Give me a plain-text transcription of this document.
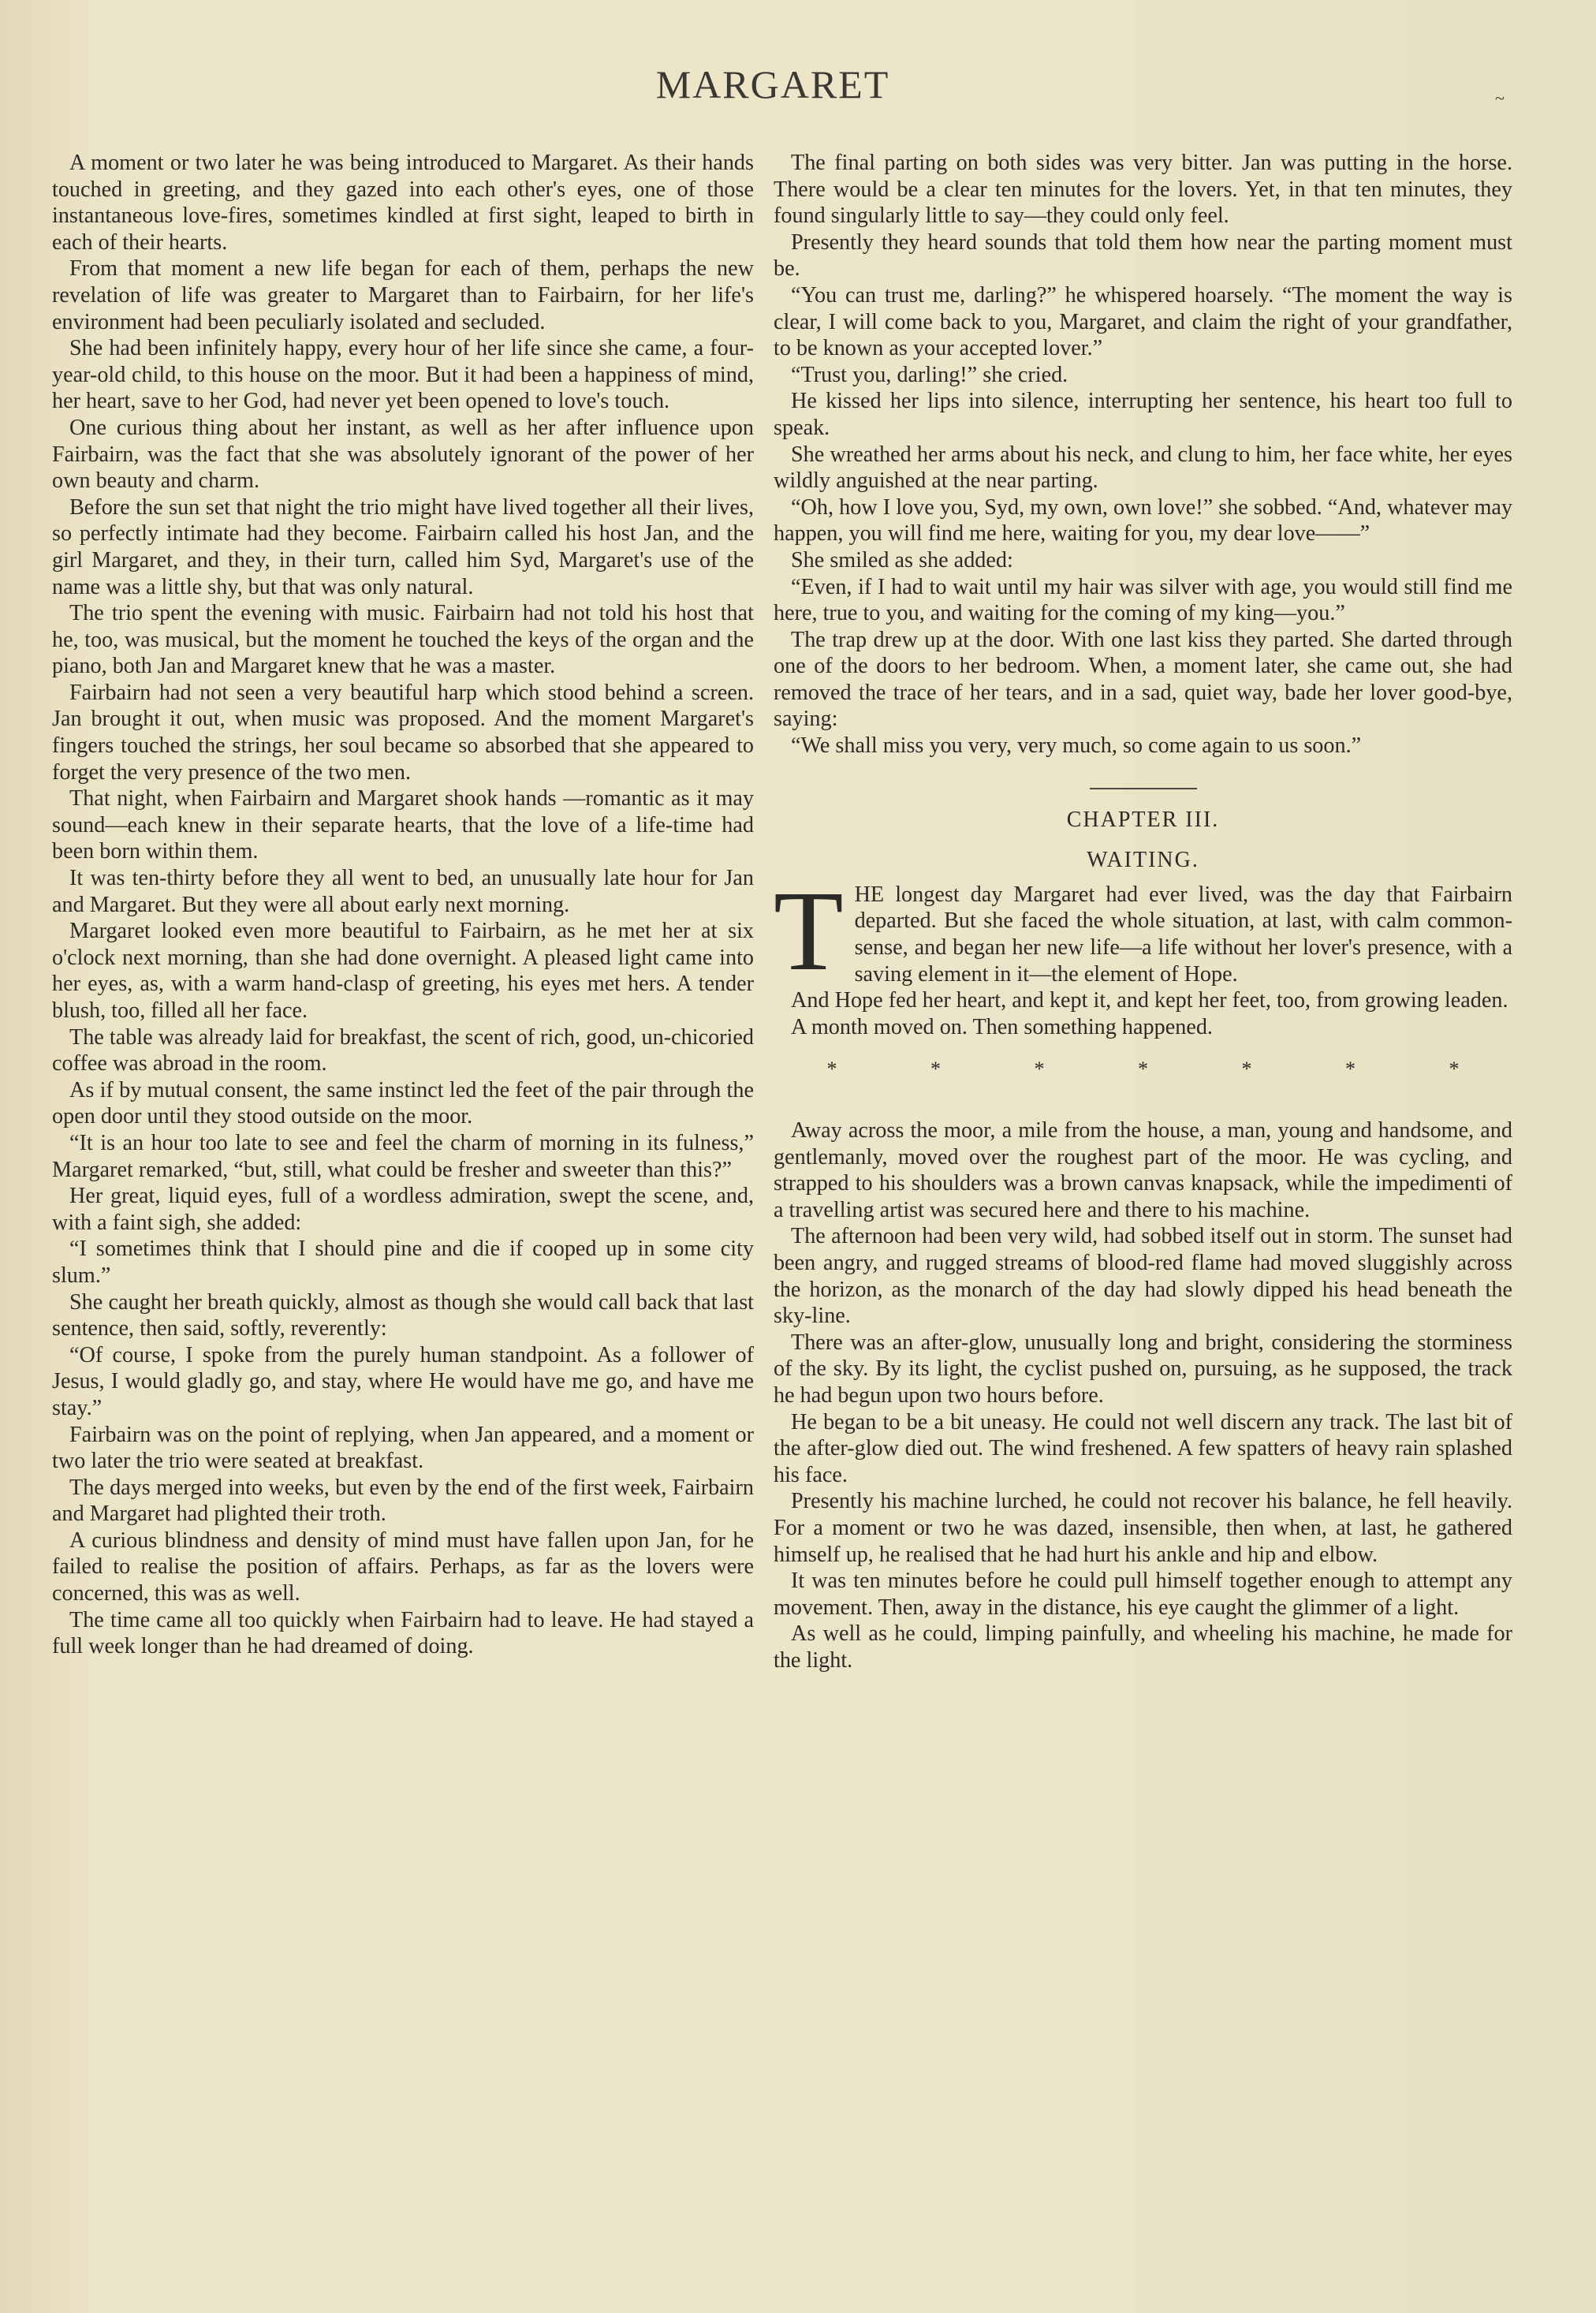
MARGARET	~

A moment or two later he was being introduced to Margaret. As their hands touched in greeting, and they gazed into each other's eyes, one of those instantaneous love-fires, sometimes kindled at first sight, leaped to birth in each of their hearts.

From that moment a new life began for each of them, perhaps the new revelation of life was greater to Margaret than to Fairbairn, for her life's environment had been peculiarly isolated and secluded.

She had been infinitely happy, every hour of her life since she came, a four-year-old child, to this house on the moor. But it had been a happiness of mind, her heart, save to her God, had never yet been opened to love's touch.

One curious thing about her instant, as well as her after influence upon Fairbairn, was the fact that she was absolutely ignorant of the power of her own beauty and charm.

Before the sun set that night the trio might have lived together all their lives, so perfectly intimate had they become. Fairbairn called his host Jan, and the girl Margaret, and they, in their turn, called him Syd, Margaret's use of the name was a little shy, but that was only natural.

The trio spent the evening with music. Fairbairn had not told his host that he, too, was musical, but the moment he touched the keys of the organ and the piano, both Jan and Margaret knew that he was a master.

Fairbairn had not seen a very beautiful harp which stood behind a screen. Jan brought it out, when music was proposed. And the moment Margaret's fingers touched the strings, her soul became so absorbed that she appeared to forget the very presence of the two men.

That night, when Fairbairn and Margaret shook hands —romantic as it may sound—each knew in their separate hearts, that the love of a life-time had been born within them.

It was ten-thirty before they all went to bed, an unusually late hour for Jan and Margaret. But they were all about early next morning.

Margaret looked even more beautiful to Fairbairn, as he met her at six o'clock next morning, than she had done overnight. A pleased light came into her eyes, as, with a warm hand-clasp of greeting, his eyes met hers. A tender blush, too, filled all her face.

The table was already laid for breakfast, the scent of rich, good, un-chicoried coffee was abroad in the room.

As if by mutual consent, the same instinct led the feet of the pair through the open door until they stood outside on the moor.

“It is an hour too late to see and feel the charm of morning in its fulness,” Margaret remarked, “but, still, what could be fresher and sweeter than this?”

Her great, liquid eyes, full of a wordless admiration, swept the scene, and, with a faint sigh, she added:

“I sometimes think that I should pine and die if cooped up in some city slum.”

She caught her breath quickly, almost as though she would call back that last sentence, then said, softly, reverently:

“Of course, I spoke from the purely human standpoint. As a follower of Jesus, I would gladly go, and stay, where He would have me go, and have me stay.”

Fairbairn was on the point of replying, when Jan appeared, and a moment or two later the trio were seated at breakfast.

The days merged into weeks, but even by the end of the first week, Fairbairn and Margaret had plighted their troth.

A curious blindness and density of mind must have fallen upon Jan, for he failed to realise the position of affairs. Perhaps, as far as the lovers were concerned, this was as well.

The time came all too quickly when Fairbairn had to leave. He had stayed a full week longer than he had dreamed of doing.

The final parting on both sides was very bitter. Jan was putting in the horse. There would be a clear ten minutes for the lovers. Yet, in that ten minutes, they found singularly little to say—they could only feel.

Presently they heard sounds that told them how near the parting moment must be.

“You can trust me, darling?” he whispered hoarsely. “The moment the way is clear, I will come back to you, Margaret, and claim the right of your grandfather, to be known as your accepted lover.”

“Trust you, darling!” she cried.

He kissed her lips into silence, interrupting her sentence, his heart too full to speak.

She wreathed her arms about his neck, and clung to him, her face white, her eyes wildly anguished at the near parting.

“Oh, how I love you, Syd, my own, own love!” she sobbed. “And, whatever may happen, you will find me here, waiting for you, my dear love——”

She smiled as she added:

“Even, if I had to wait until my hair was silver with age, you would still find me here, true to you, and waiting for the coming of my king—you.”

The trap drew up at the door. With one last kiss they parted. She darted through one of the doors to her bedroom. When, a moment later, she came out, she had removed the trace of her tears, and in a sad, quiet way, bade her lover good-bye, saying:

“We shall miss you very, very much, so come again to us soon.”

CHAPTER III.
WAITING.

THE longest day Margaret had ever lived, was the day that Fairbairn departed. But she faced the whole situation, at last, with calm common-sense, and began her new life—a life without her lover's presence, with a saving element in it—the element of Hope.

And Hope fed her heart, and kept it, and kept her feet, too, from growing leaden.

A month moved on. Then something happened.

* * * * * * *

Away across the moor, a mile from the house, a man, young and handsome, and gentlemanly, moved over the roughest part of the moor. He was cycling, and strapped to his shoulders was a brown canvas knapsack, while the impedimenti of a travelling artist was secured here and there to his machine.

The afternoon had been very wild, had sobbed itself out in storm. The sunset had been angry, and rugged streams of blood-red flame had moved sluggishly across the horizon, as the monarch of the day had slowly dipped his head beneath the sky-line.

There was an after-glow, unusually long and bright, considering the storminess of the sky. By its light, the cyclist pushed on, pursuing, as he supposed, the track he had begun upon two hours before.

He began to be a bit uneasy. He could not well discern any track. The last bit of the after-glow died out. The wind freshened. A few spatters of heavy rain splashed his face.

Presently his machine lurched, he could not recover his balance, he fell heavily. For a moment or two he was dazed, insensible, then when, at last, he gathered himself up, he realised that he had hurt his ankle and hip and elbow.

It was ten minutes before he could pull himself together enough to attempt any movement. Then, away in the distance, his eye caught the glimmer of a light.

As well as he could, limping painfully, and wheeling his machine, he made for the light.
